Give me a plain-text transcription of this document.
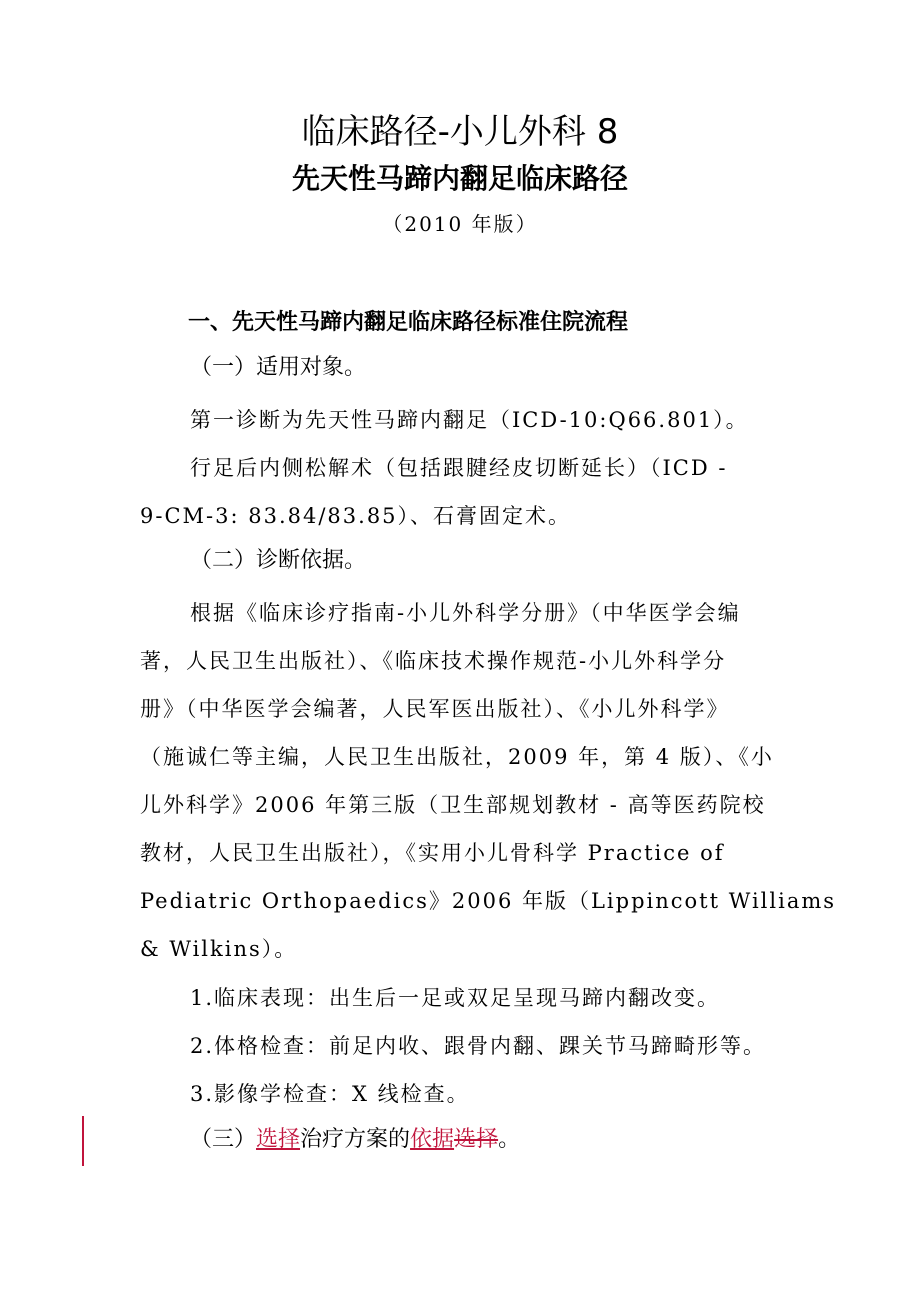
临床路径-小儿外科 8
先天性马蹄内翻足临床路径
（2010 年版）
一、先天性马蹄内翻足临床路径标准住院流程
（一）适用对象。
第一诊断为先天性马蹄内翻足（ICD-10:Q66.801）。
行足后内侧松解术（包括跟腱经皮切断延长）（ICD -
9-CM-3: 83.84/83.85）、石膏固定术。
（二）诊断依据。
根据《临床诊疗指南-小儿外科学分册》（中华医学会编
著，人民卫生出版社）、《临床技术操作规范-小儿外科学分
册》（中华医学会编著，人民军医出版社）、《小儿外科学》
（施诚仁等主编，人民卫生出版社，2009 年，第 4 版）、《小
儿外科学》2006 年第三版（卫生部规划教材 - 高等医药院校
教材，人民卫生出版社），《实用小儿骨科学 Practice of
Pediatric Orthopaedics》2006 年版（Lippincott Williams
& Wilkins）。
1.临床表现：出生后一足或双足呈现马蹄内翻改变。
2.体格检查：前足内收、跟骨内翻、踝关节马蹄畸形等。
3.影像学检查：X 线检查。
（三）选择治疗方案的依据选择。
